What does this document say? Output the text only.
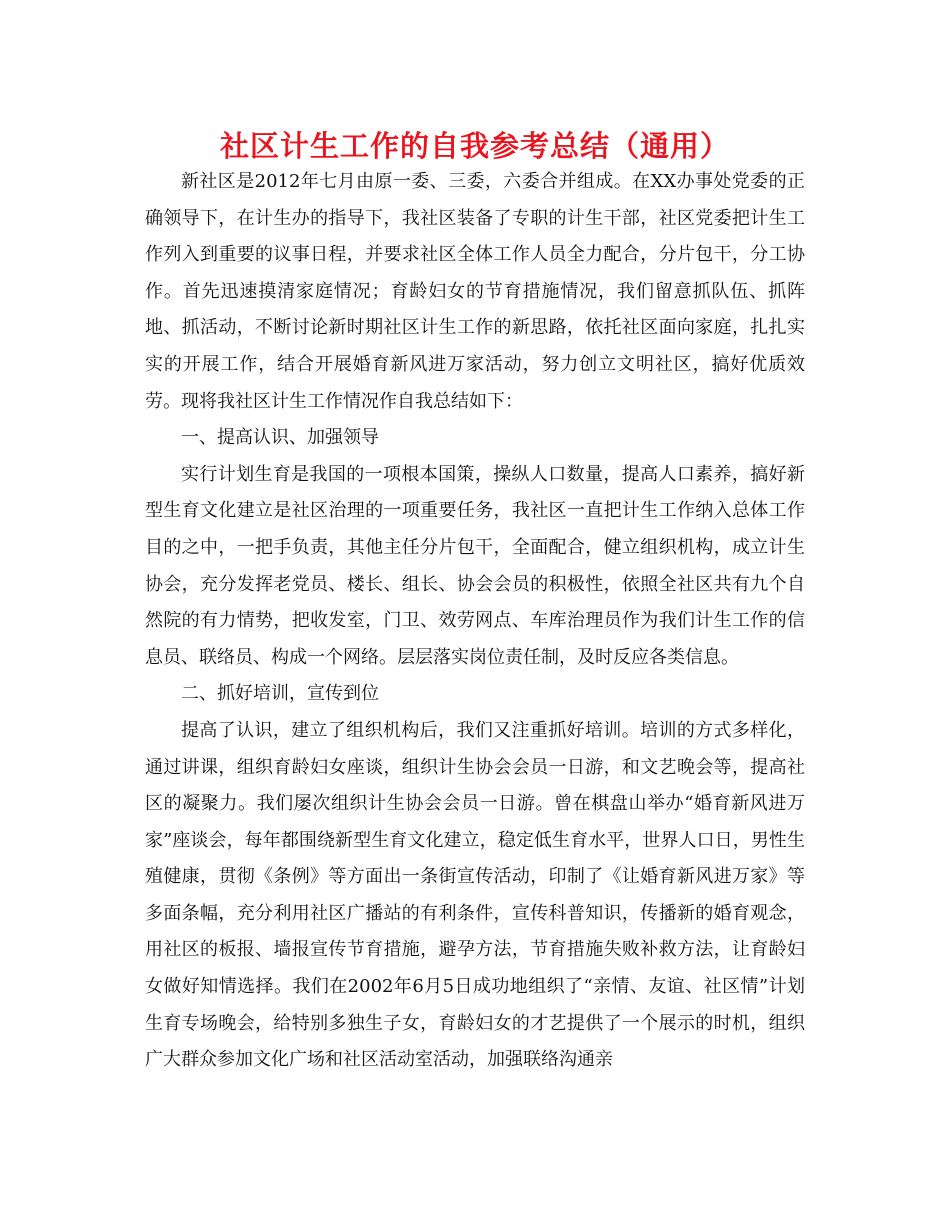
社区计生工作的自我参考总结（通用）

新社区是2012年七月由原一委、三委，六委合并组成。在XX办事处党委的正确领导下，在计生办的指导下，我社区装备了专职的计生干部，社区党委把计生工作列入到重要的议事日程，并要求社区全体工作人员全力配合，分片包干，分工协作。首先迅速摸清家庭情况；育龄妇女的节育措施情况，我们留意抓队伍、抓阵地、抓活动，不断讨论新时期社区计生工作的新思路，依托社区面向家庭，扎扎实实的开展工作，结合开展婚育新风进万家活动，努力创立文明社区，搞好优质效劳。现将我社区计生工作情况作自我总结如下：

一、提高认识、加强领导

实行计划生育是我国的一项根本国策，操纵人口数量，提高人口素养，搞好新型生育文化建立是社区治理的一项重要任务，我社区一直把计生工作纳入总体工作目的之中，一把手负责，其他主任分片包干，全面配合，健立组织机构，成立计生协会，充分发挥老党员、楼长、组长、协会会员的积极性，依照全社区共有九个自然院的有力情势，把收发室，门卫、效劳网点、车库治理员作为我们计生工作的信息员、联络员、构成一个网络。层层落实岗位责任制，及时反应各类信息。

二、抓好培训，宣传到位

提高了认识，建立了组织机构后，我们又注重抓好培训。培训的方式多样化，通过讲课，组织育龄妇女座谈，组织计生协会会员一日游，和文艺晚会等，提高社区的凝聚力。我们屡次组织计生协会会员一日游。曾在棋盘山举办“婚育新风进万家”座谈会，每年都围绕新型生育文化建立，稳定低生育水平，世界人口日，男性生殖健康，贯彻《条例》等方面出一条街宣传活动，印制了《让婚育新风进万家》等多面条幅，充分利用社区广播站的有利条件，宣传科普知识，传播新的婚育观念，用社区的板报、墙报宣传节育措施，避孕方法，节育措施失败补救方法，让育龄妇女做好知情选择。我们在2002年6月5日成功地组织了“亲情、友谊、社区情”计划生育专场晚会，给特别多独生子女，育龄妇女的才艺提供了一个展示的时机，组织广大群众参加文化广场和社区活动室活动，加强联络沟通亲
